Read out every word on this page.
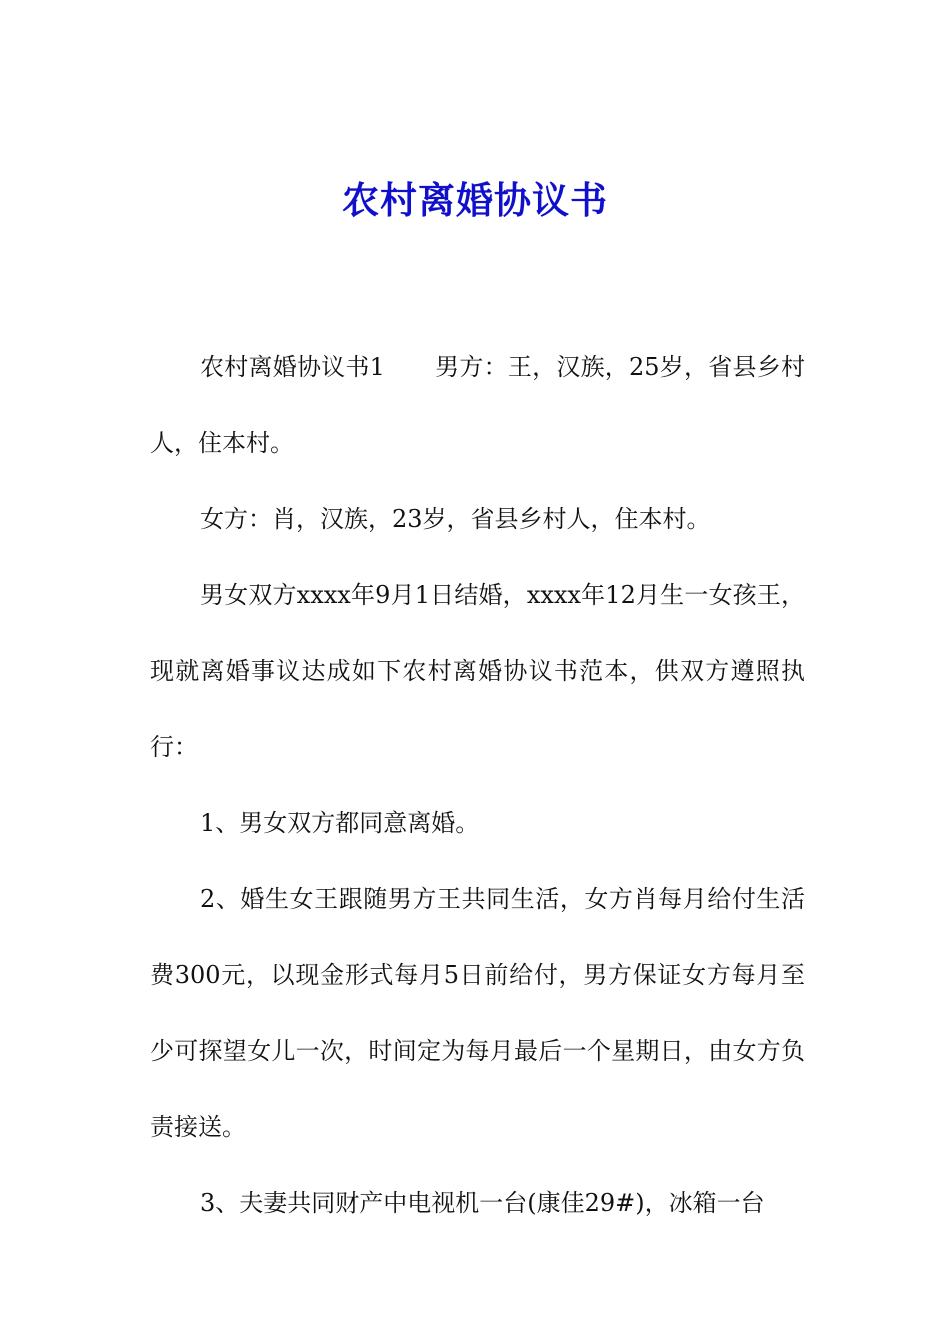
农村离婚协议书

农村离婚协议书1 男方：王，汉族，25岁，省县乡村人，住本村。

女方：肖，汉族，23岁，省县乡村人，住本村。

男女双方xxxx年9月1日结婚，xxxx年12月生一女孩王，现就离婚事议达成如下农村离婚协议书范本，供双方遵照执行：

1、男女双方都同意离婚。

2、婚生女王跟随男方王共同生活，女方肖每月给付生活费300元，以现金形式每月5日前给付，男方保证女方每月至少可探望女儿一次，时间定为每月最后一个星期日，由女方负责接送。

3、夫妻共同财产中电视机一台(康佳29#)，冰箱一台
